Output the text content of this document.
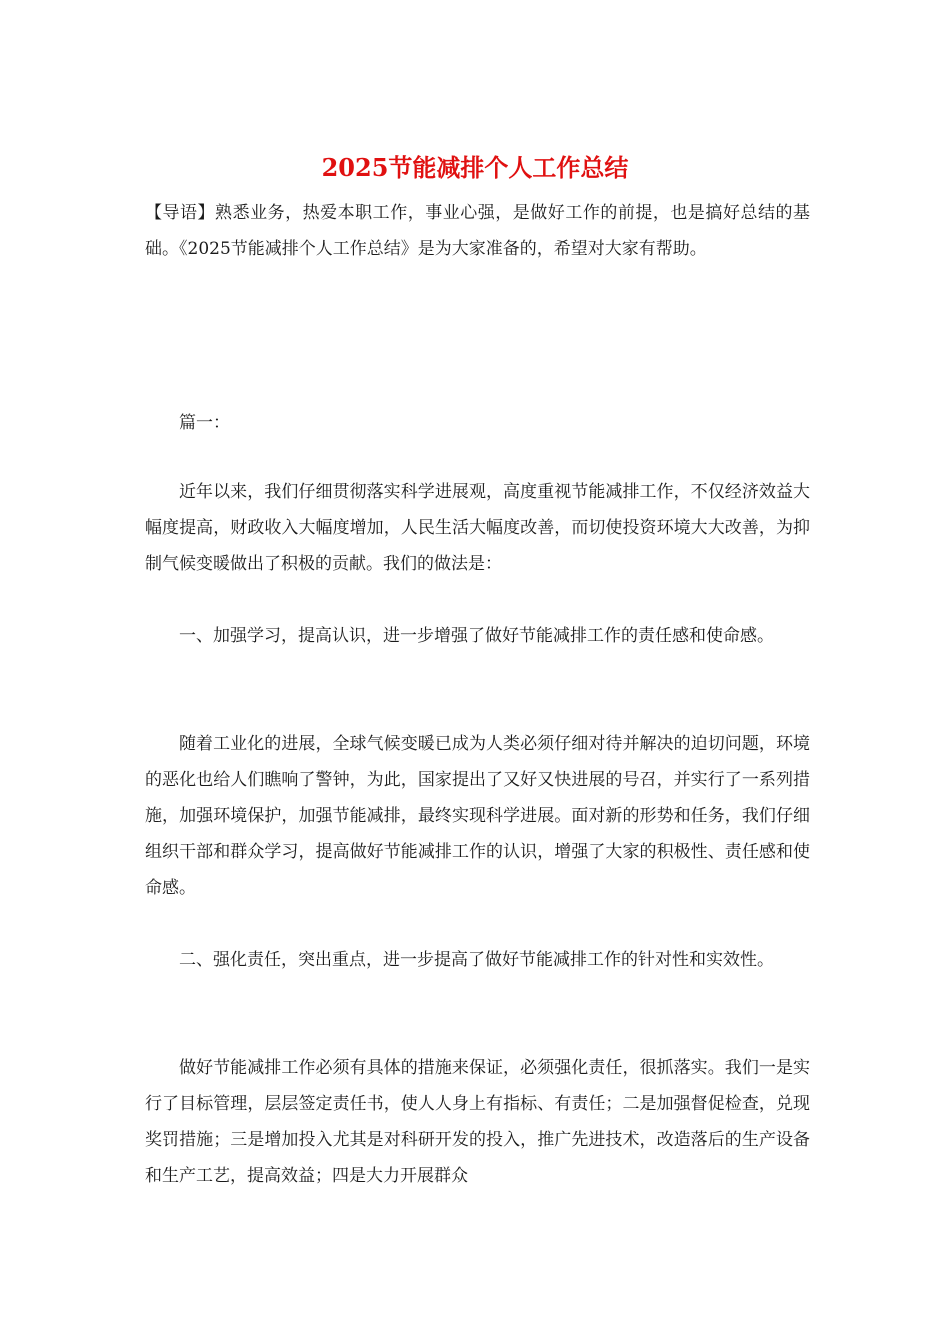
2025节能减排个人工作总结

【导语】熟悉业务，热爱本职工作，事业心强，是做好工作的前提，也是搞好总结的基础。《2025节能减排个人工作总结》是为大家准备的，希望对大家有帮助。

篇一：

近年以来，我们仔细贯彻落实科学进展观，高度重视节能减排工作，不仅经济效益大幅度提高，财政收入大幅度增加，人民生活大幅度改善，而切使投资环境大大改善，为抑制气候变暖做出了积极的贡献。我们的做法是：

一、加强学习，提高认识，进一步增强了做好节能减排工作的责任感和使命感。

随着工业化的进展，全球气候变暖已成为人类必须仔细对待并解决的迫切问题，环境的恶化也给人们瞧响了警钟，为此，国家提出了又好又快进展的号召，并实行了一系列措施，加强环境保护，加强节能减排，最终实现科学进展。面对新的形势和任务，我们仔细组织干部和群众学习，提高做好节能减排工作的认识，增强了大家的积极性、责任感和使命感。

二、强化责任，突出重点，进一步提高了做好节能减排工作的针对性和实效性。

做好节能减排工作必须有具体的措施来保证，必须强化责任，很抓落实。我们一是实行了目标管理，层层签定责任书，使人人身上有指标、有责任；二是加强督促检查，兑现奖罚措施；三是增加投入尤其是对科研开发的投入，推广先进技术，改造落后的生产设备和生产工艺，提高效益；四是大力开展群众
